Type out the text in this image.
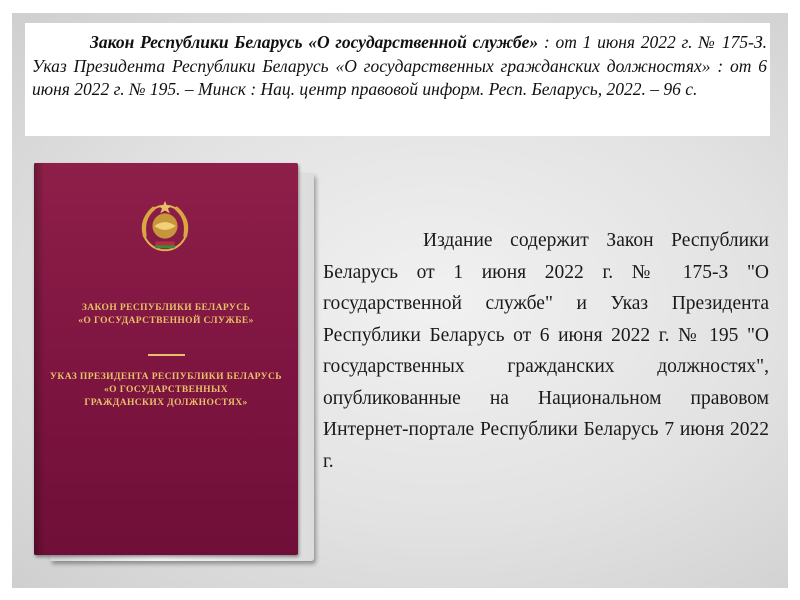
Закон Республики Беларусь «О государственной службе» : от 1 июня 2022 г. № 175-З. Указ Президента Республики Беларусь «О государственных гражданских должностях» : от 6 июня 2022 г. № 195. – Минск : Нац. центр правовой информ. Респ. Беларусь, 2022. – 96 с.

ЗАКОН РЕСПУБЛИКИ БЕЛАРУСЬ
«О ГОСУДАРСТВЕННОЙ СЛУЖБЕ»

УКАЗ ПРЕЗИДЕНТА РЕСПУБЛИКИ БЕЛАРУСЬ
«О ГОСУДАРСТВЕННЫХ
ГРАЖДАНСКИХ ДОЛЖНОСТЯХ»

Издание содержит Закон Республики Беларусь от 1 июня 2022 г. № 175-З "О государственной службе" и Указ Президента Республики Беларусь от 6 июня 2022 г. № 195 "О государственных гражданских должностях", опубликованные на Национальном правовом Интернет-портале Республики Беларусь 7 июня 2022 г.
